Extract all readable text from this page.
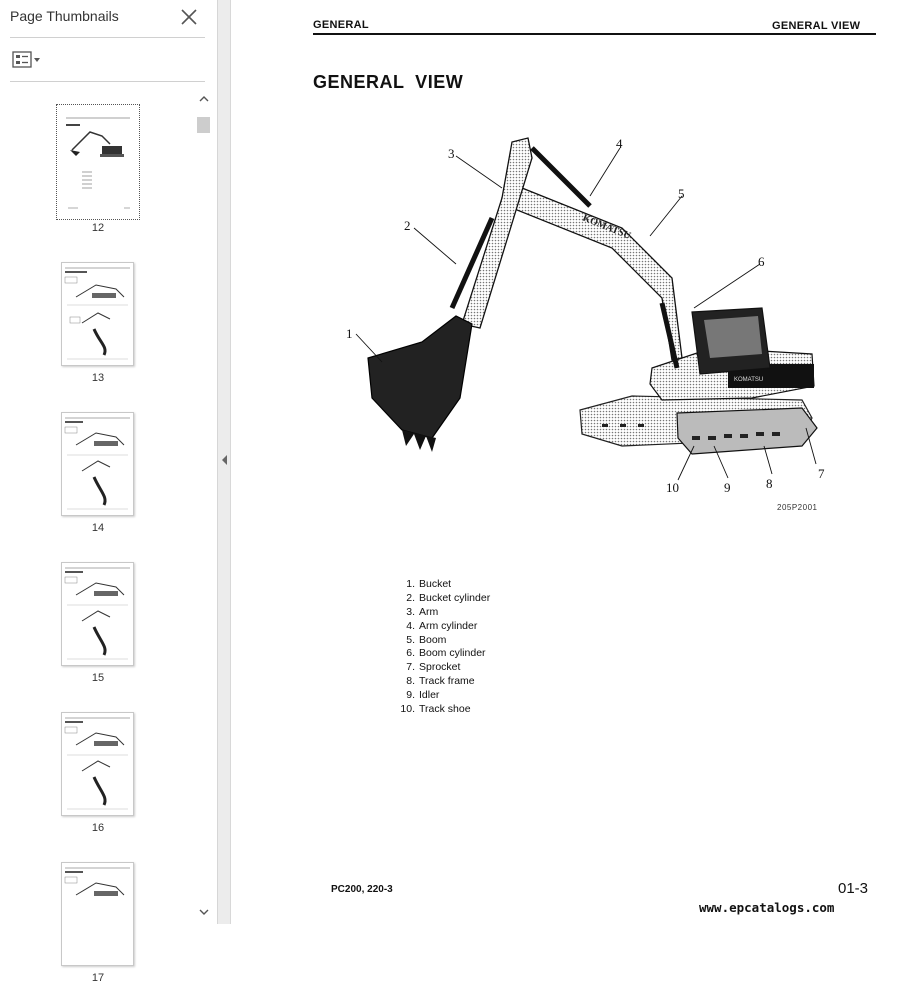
Page Thumbnails
12
13
14
15
16
17
GENERAL	GENERAL VIEW
GENERAL  VIEW
KOMATSU
KOMATSU
1
2
3
4
5
6
7
8
9
10
205P2001
1. Bucket
2. Bucket cylinder
3. Arm
4. Arm cylinder
5. Boom
6. Boom cylinder
7. Sprocket
8. Track frame
9. Idler
10. Track shoe
PC200, 220-3	01-3
www.epcatalogs.com
